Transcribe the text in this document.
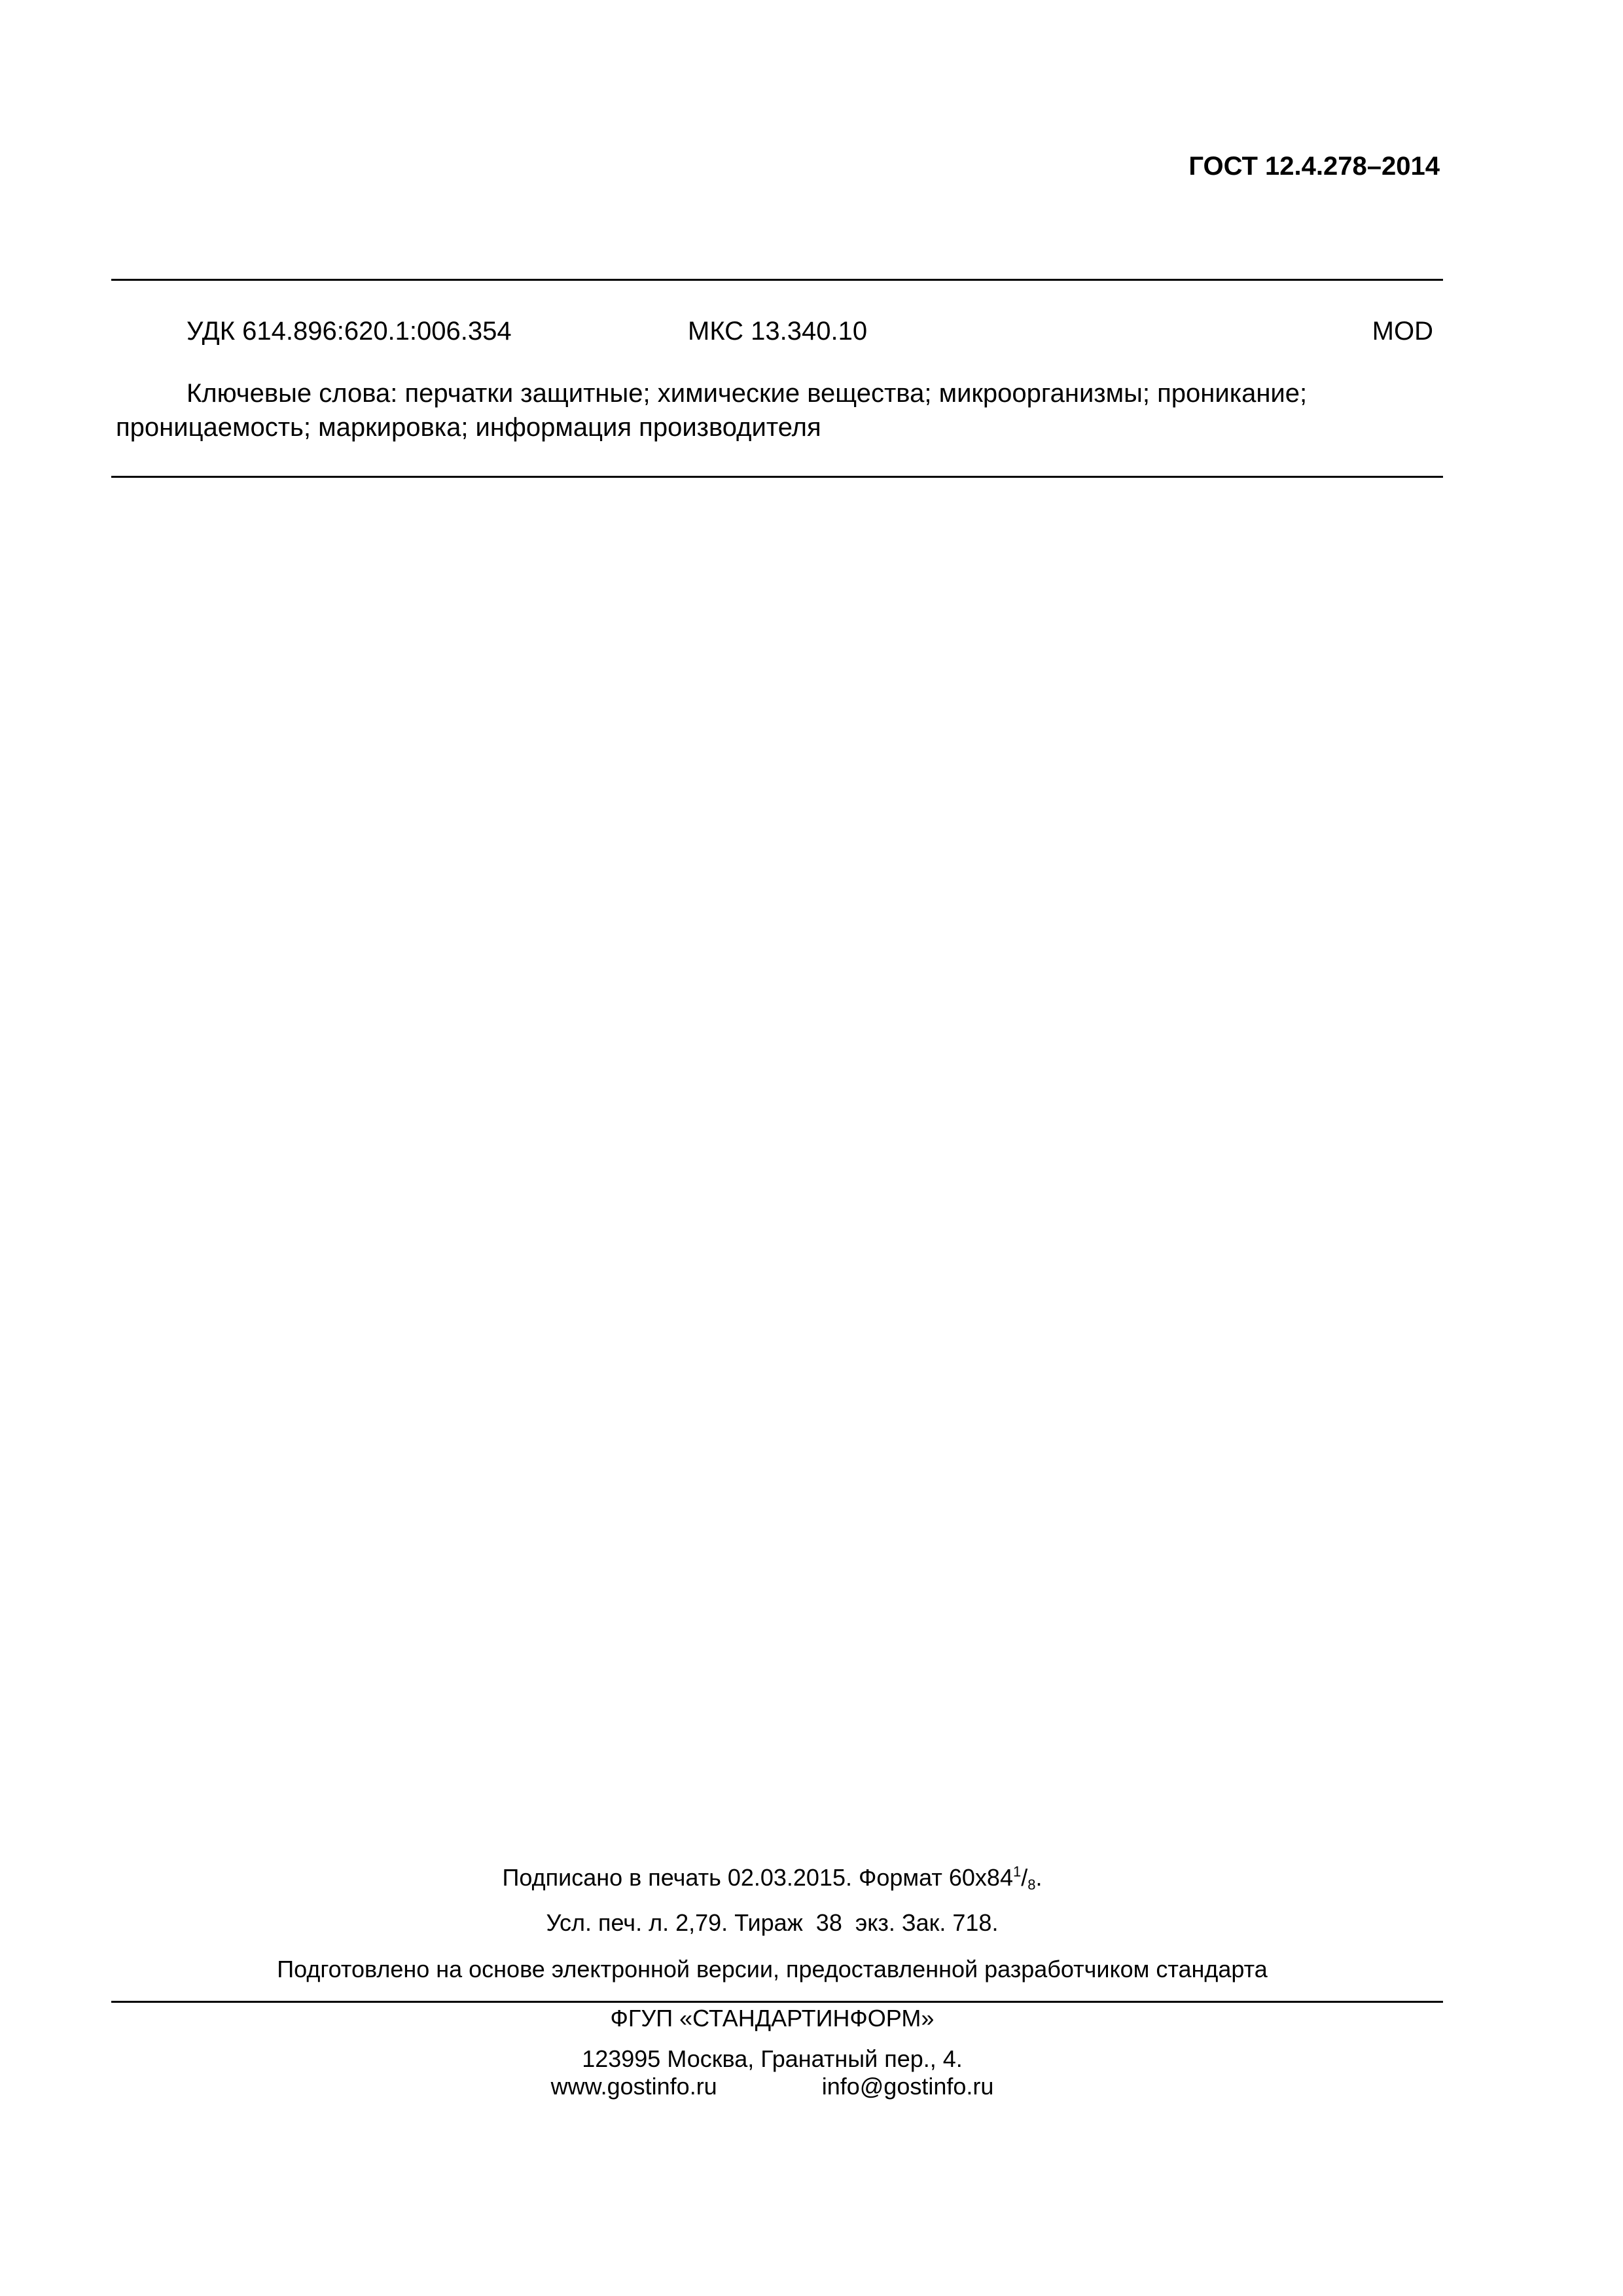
ГОСТ 12.4.278–2014
УДК 614.896:620.1:006.354	МКС 13.340.10	MOD
Ключевые слова: перчатки защитные; химические вещества; микроорганизмы; проникание;
проницаемость; маркировка; информация производителя
Подписано в печать 02.03.2015. Формат $60x84^1/_8$.
Усл. печ. л. 2,79. Тираж  38  экз. Зак. 718.
Подготовлено на основе электронной версии, предоставленной разработчиком стандарта
ФГУП «СТАНДАРТИНФОРМ»
123995 Москва, Гранатный пер., 4.
www.gostinfo.ru	info@gostinfo.ru
